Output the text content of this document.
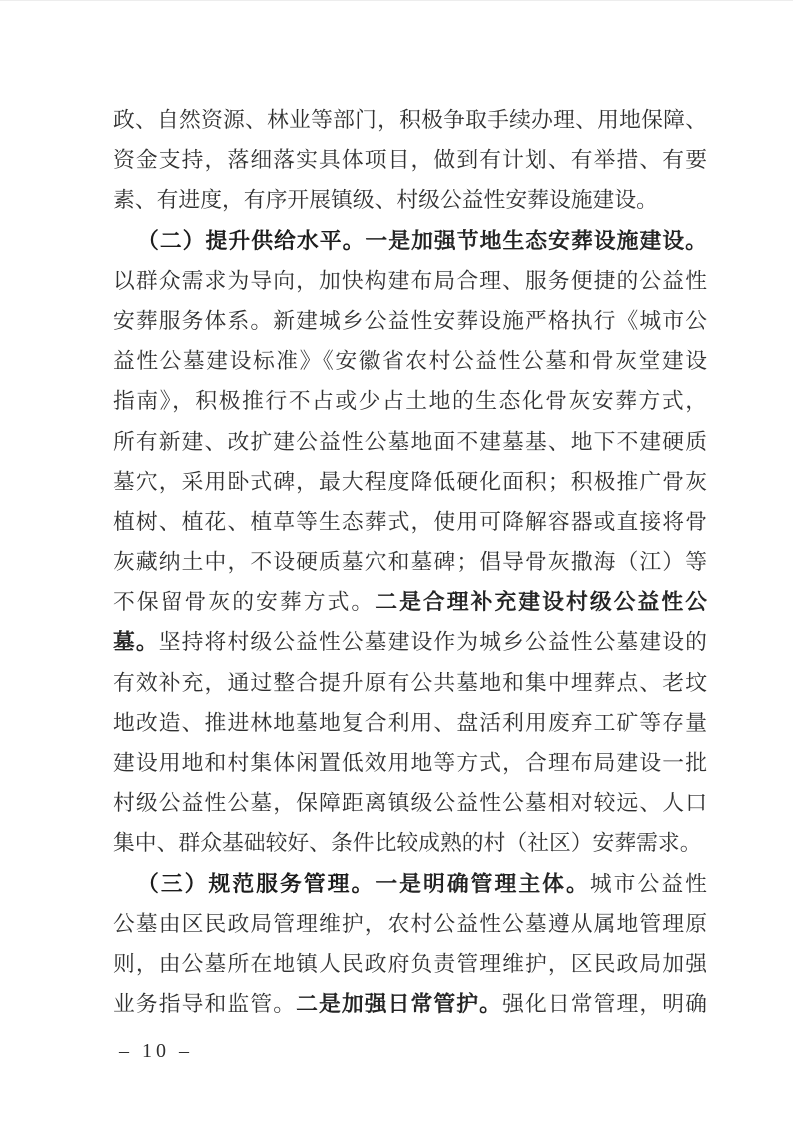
政、自然资源、林业等部门，积极争取手续办理、用地保障、
资金支持，落细落实具体项目，做到有计划、有举措、有要
素、有进度，有序开展镇级、村级公益性安葬设施建设。
（二）提升供给水平。一是加强节地生态安葬设施建设。
以群众需求为导向，加快构建布局合理、服务便捷的公益性
安葬服务体系。新建城乡公益性安葬设施严格执行《城市公
益性公墓建设标准》《安徽省农村公益性公墓和骨灰堂建设
指南》，积极推行不占或少占土地的生态化骨灰安葬方式，
所有新建、改扩建公益性公墓地面不建墓基、地下不建硬质
墓穴，采用卧式碑，最大程度降低硬化面积；积极推广骨灰
植树、植花、植草等生态葬式，使用可降解容器或直接将骨
灰藏纳土中，不设硬质墓穴和墓碑；倡导骨灰撒海（江）等
不保留骨灰的安葬方式。二是合理补充建设村级公益性公
墓。坚持将村级公益性公墓建设作为城乡公益性公墓建设的
有效补充，通过整合提升原有公共墓地和集中埋葬点、老坟
地改造、推进林地墓地复合利用、盘活利用废弃工矿等存量
建设用地和村集体闲置低效用地等方式，合理布局建设一批
村级公益性公墓，保障距离镇级公益性公墓相对较远、人口
集中、群众基础较好、条件比较成熟的村（社区）安葬需求。
（三）规范服务管理。一是明确管理主体。城市公益性
公墓由区民政局管理维护，农村公益性公墓遵从属地管理原
则，由公墓所在地镇人民政府负责管理维护，区民政局加强
业务指导和监管。二是加强日常管护。强化日常管理，明确
– 10 –
